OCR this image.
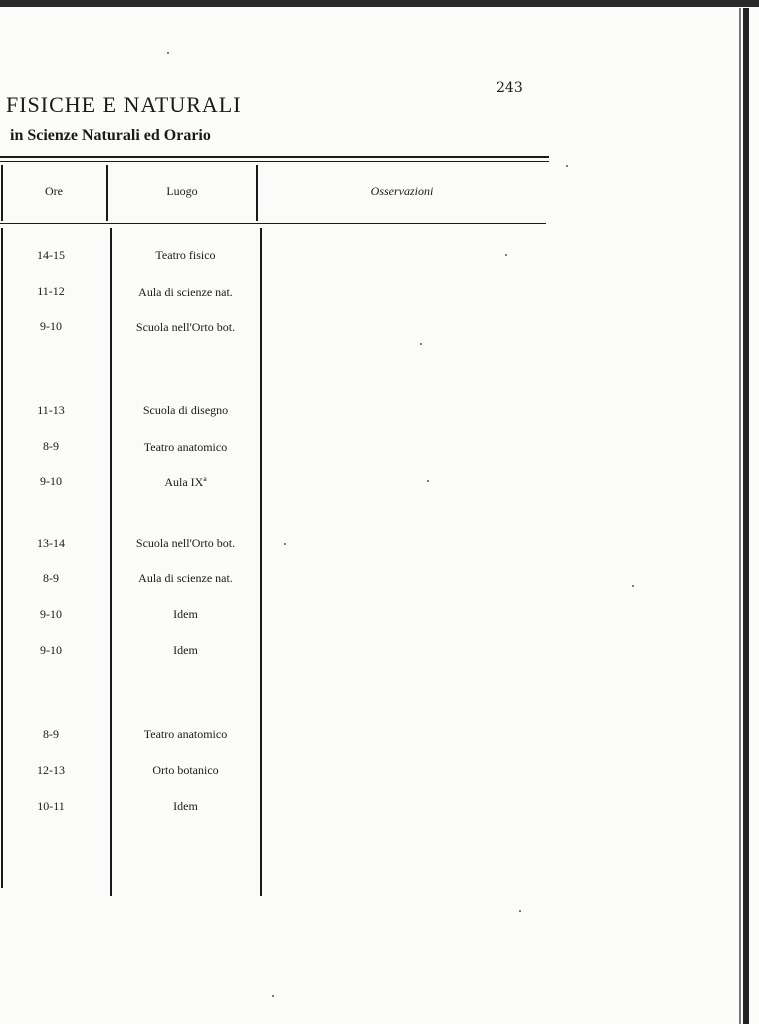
243
FISICHE E NATURALI
in Scienze Naturali ed Orario
Ore	Luogo	Osservazioni
14-15	Teatro fisico
11-12	Aula di scienze nat.
9-10	Scuola nell'Orto bot.
11-13	Scuola di disegno
8-9	Teatro anatomico
9-10	Aula IXª
13-14	Scuola nell'Orto bot.
8-9	Aula di scienze nat.
9-10	Idem
9-10	Idem
8-9	Teatro anatomico
12-13	Orto botanico
10-11	Idem
